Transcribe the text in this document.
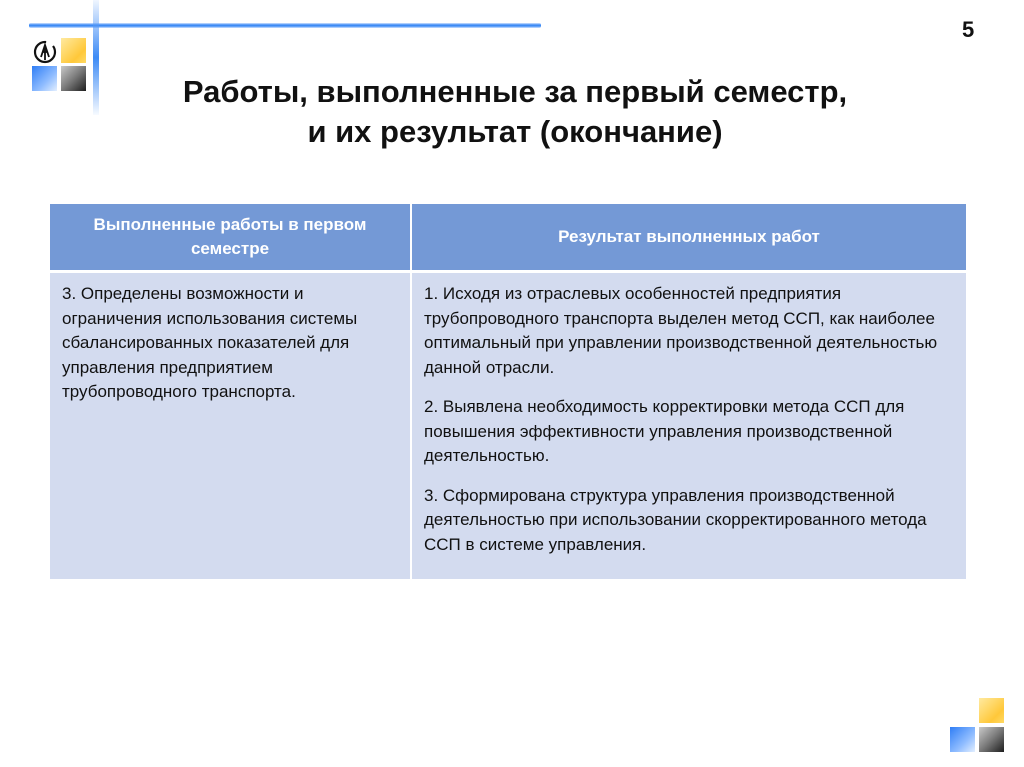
5
Работы, выполненные за первый семестр,
и их результат (окончание)
Выполненные работы в первом семестре	Результат выполненных работ

3. Определены возможности и ограничения использования системы сбалансированных показателей для управления предприятием трубопроводного транспорта.	1. Исходя из отраслевых особенностей предприятия трубопроводного транспорта выделен метод ССП, как наиболее оптимальный при управлении производственной деятельностью данной отрасли.

2. Выявлена необходимость корректировки метода ССП для повышения эффективности управления производственной деятельностью.

3. Сформирована структура управления производственной деятельностью при использовании скорректированного метода ССП в системе управления.
